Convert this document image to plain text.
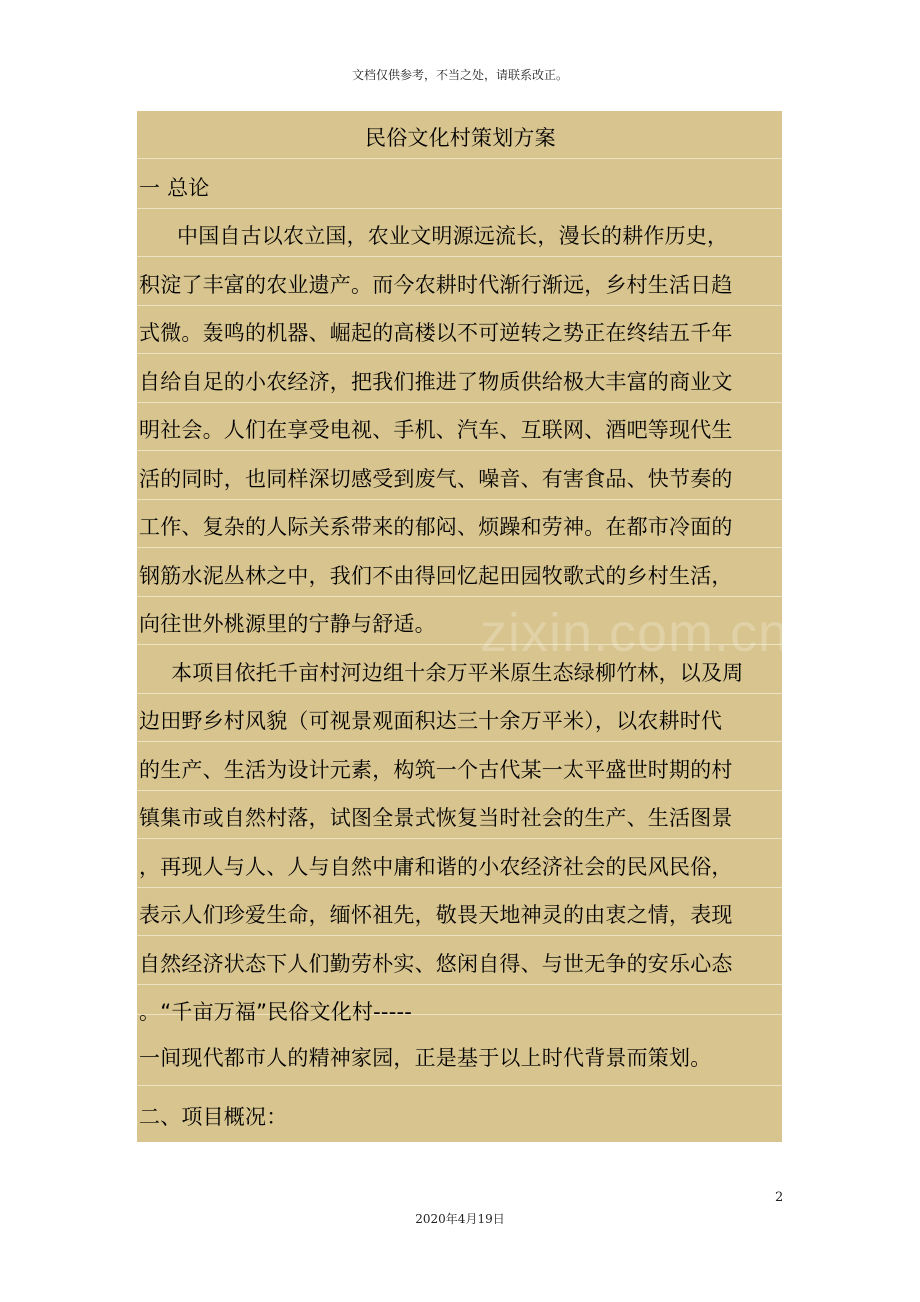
文档仅供参考，不当之处，请联系改正。
民俗文化村策划方案
一 总论
中国自古以农立国，农业文明源远流长，漫长的耕作历史，
积淀了丰富的农业遗产。而今农耕时代渐行渐远，乡村生活日趋
式微。轰鸣的机器、崛起的高楼以不可逆转之势正在终结五千年
自给自足的小农经济，把我们推进了物质供给极大丰富的商业文
明社会。人们在享受电视、手机、汽车、互联网、酒吧等现代生
活的同时，也同样深切感受到废气、噪音、有害食品、快节奏的
工作、复杂的人际关系带来的郁闷、烦躁和劳神。在都市冷面的
钢筋水泥丛林之中，我们不由得回忆起田园牧歌式的乡村生活，
向往世外桃源里的宁静与舒适。
本项目依托千亩村河边组十余万平米原生态绿柳竹林，以及周
边田野乡村风貌（可视景观面积达三十余万平米），以农耕时代
的生产、生活为设计元素，构筑一个古代某一太平盛世时期的村
镇集市或自然村落，试图全景式恢复当时社会的生产、生活图景
，再现人与人、人与自然中庸和谐的小农经济社会的民风民俗，
表示人们珍爱生命，缅怀祖先，敬畏天地神灵的由衷之情，表现
自然经济状态下人们勤劳朴实、悠闲自得、与世无争的安乐心态
。“千亩万福”民俗文化村-----
一间现代都市人的精神家园，正是基于以上时代背景而策划。
二、项目概况：
zixin.com.cn
2
2020年4月19日
